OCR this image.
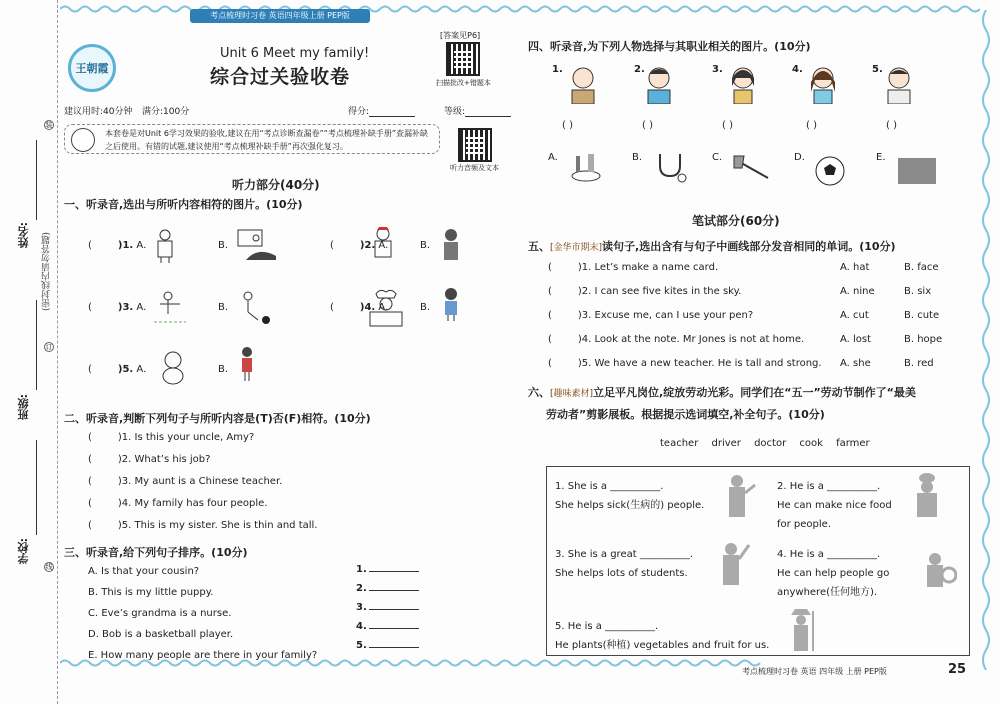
姓名:
班级:
学校:
(密封线内请勿答题)
装
订
线
考点梳理时习卷 英语四年级上册 PEP版
王朝霞
Unit 6 Meet my family!
综合过关验收卷
[答案见P6]
扫描批改+错题本
听力音频及文本
建议用时:40分钟 满分:100分	得分:	等级:
本套卷是对Unit 6学习效果的验收,建议在用“考点诊断查漏卷”“考点梳理补缺手册”查漏补缺之后使用。有错的试题,建议使用“考点梳理补缺手册”再次强化复习。
听力部分(40分)
一、听录音,选出与所听内容相符的图片。(10分)
(	)1. A.	B.	(	)2. A.	B.
(	)3. A.	B.	(	)4. A.	B.
(	)5. A.	B.
二、听录音,判断下列句子与所听内容是(T)否(F)相符。(10分)
(	)1. Is this your uncle, Amy?
(	)2. What’s his job?
(	)3. My aunt is a Chinese teacher.
(	)4. My family has four people.
(	)5. This is my sister. She is thin and tall.
三、听录音,给下列句子排序。(10分)
A. Is that your cousin?
B. This is my little puppy.
C. Eve’s grandma is a nurse.
D. Bob is a basketball player.
E. How many people are there in your family?
1.
2.
3.
4.
5.
四、听录音,为下列人物选择与其职业相关的图片。(10分)
1.	2.	3.	4.	5.
( )	( )	( )	( )	( )
A.	B.	C.	D.	E.
笔试部分(60分)
五、[金华市期末]读句子,选出含有与句子中画线部分发音相同的单词。(10分)
(	)1. Let’s make a name card.	A. hat	B. face
(	)2. I can see five kites in the sky.	A. nine	B. six
(	)3. Excuse me, can I use your pen?	A. cut	B. cute
(	)4. Look at the note. Mr Jones is not at home.	A. lost	B. hope
(	)5. We have a new teacher. He is tall and strong. A. she	B. red
六、[趣味素材]立足平凡岗位,绽放劳动光彩。同学们在“五一”劳动节制作了“最美
劳动者”剪影展板。根据提示选词填空,补全句子。(10分)
teacher driver doctor cook farmer
1. She is a __________.
She helps sick(生病的) people.
2. He is a __________.
He can make nice food
for people.
3. She is a great __________.
She helps lots of students.
4. He is a __________.
He can help people go
anywhere(任何地方).
5. He is a __________.
He plants(种植) vegetables and fruit for us.
考点梳理时习卷 英语 四年级 上册 PEP版	25
